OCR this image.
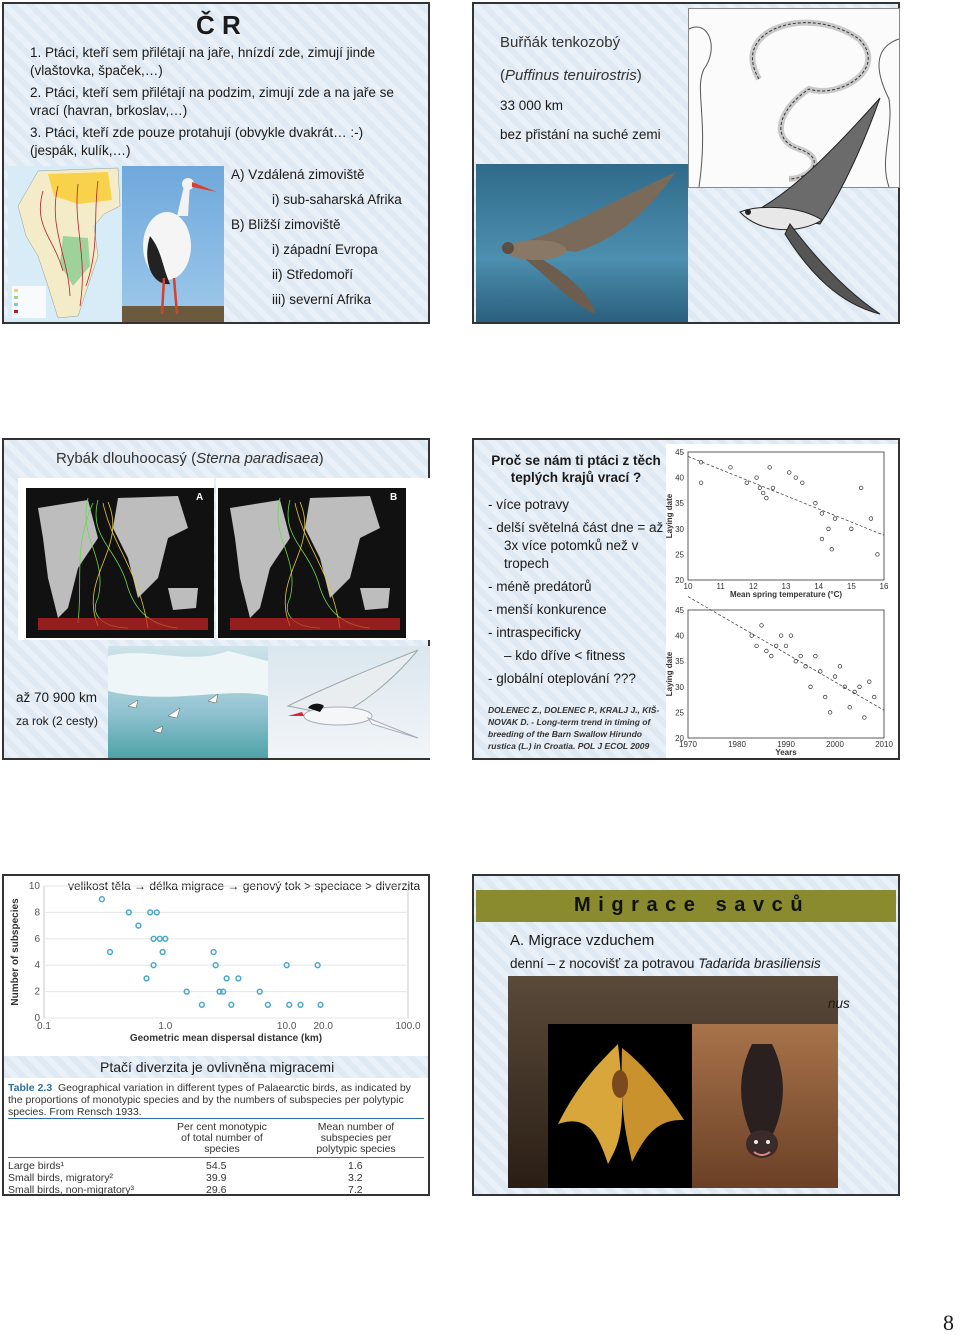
Č R
1. Ptáci, kteří sem přilétají na jaře, hnízdí zde, zimují jinde (vlaštovka, špaček,…)
2. Ptáci, kteří sem přilétají na podzim, zimují zde a na jaře se vrací (havran, brkoslav,…)
3. Ptáci, kteří zde pouze protahují (obvykle dvakrát… :-) (jespák, kulík,…)
A) Vzdálená zimoviště
i) sub-saharská Afrika
B) Bližší zimoviště
i) západní Evropa
ii) Středomoří
iii) severní Afrika
Buřňák tenkozobý
(Puffinus tenuirostris)
33 000 km
bez přistání na suché zemi
Rybák dlouhoocasý (Sterna paradisaea)
A	B
až 70 900 km
za rok (2 cesty)
Proč se nám ti ptáci z těch teplých krajů vrací ?
- více potravy
- delší světelná část dne = až 3x více potomků než v tropech
- méně predátorů
- menší konkurence
- intraspecificky
– kdo dříve < fitness
- globální oteplování ???
DOLENEC Z., DOLENEC P., KRALJ J., KIŠ-NOVAK D. - Long-term trend in timing of breeding of the Barn Swallow Hirundo rustica (L.) in Croatia. POL J ECOL 2009
10	11	12	13	14	15	16
20
25
30
35
40
45
Mean spring temperature (°C)
Laying date
1970	1980	1990	2000	2010
20
25
30
35
40
45
Years
Laying date
velikost těla → délka migrace → genový tok > speciace > diverzita
0.1	1.0	10.0 20.0	100.0
0
2
4
6
8
10
Geometric mean dispersal distance (km)
Number of subspecies
Ptačí diverzita je ovlivněna migracemi
Table 2.3 Geographical variation in different types of Palaearctic birds, as indicated by the proportions of monotypic species and by the numbers of subspecies per polytypic species. From Rensch 1933.
Per cent monotypic of total number of species
Mean number of subspecies per polytypic species
Large birds¹	54.5	1.6
Small birds, migratory²	39.9	3.2
Small birds, non-migratory³	29.6	7.2
M i g r a c e   s a v c ů
A. Migrace vzduchem
denní – z nocovišť za potravou Tadarida brasiliensis
nus
8
